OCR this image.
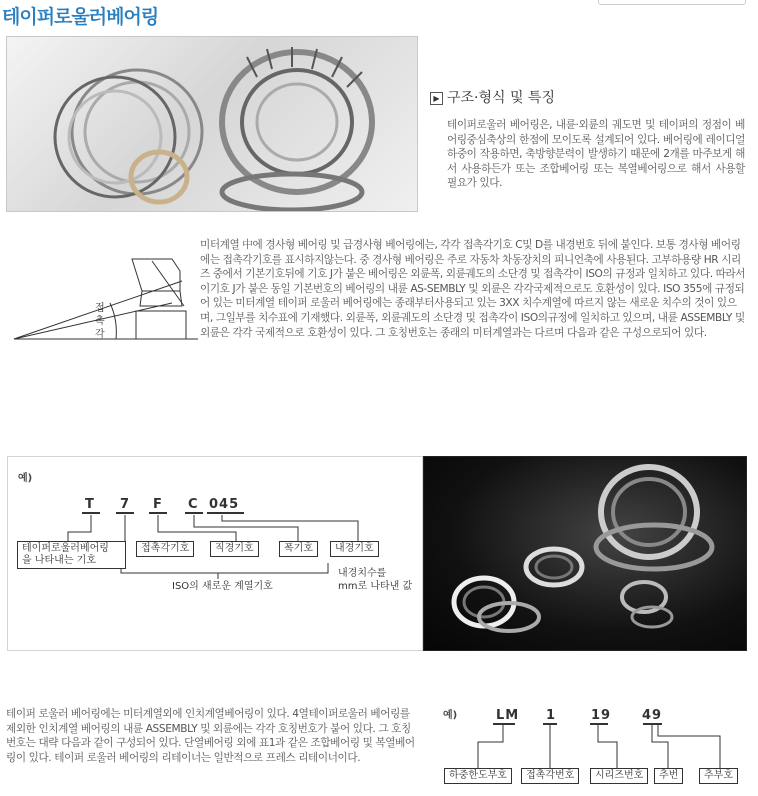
테이퍼로울러베어링
▶ 구조·형식 및 특징
테이퍼로울러 베어링은, 내륜·외륜의 궤도면 및 테이퍼의 정점이 베어링중심축상의 한점에 모이도록 설계되어 있다. 베어링에 레이디얼하중이 작용하면, 축방향분력이 발생하기 때문에 2개를 마주보게 해서 사용하든가 또는 조합베어링 또는 복열베어링으로 해서 사용할 필요가 있다.
접
촉
각
미터계열 中에 경사형 베어링 및 급경사형 베어링에는, 각각 접촉각기호 C및 D를 내경번호 뒤에 붙인다. 보통 경사형 베어링에는 접촉각기호를 표시하지않는다. 중 경사형 베어링은 주로 자동차 차동장치의 피니언축에 사용된다. 고부하용량 HR 시리즈 중에서 기본기호뒤에 기호 J가 붙은 베어링은 외륜폭, 외륜궤도의 소단경 및 접촉각이 ISO의 규정과 일치하고 있다. 따라서 이기호 J가 붙은 동일 기본번호의 베어링의 내륜 AS-SEMBLY 및 외륜은 각각국제적으로도 호환성이 있다. ISO 355에 규정되어 있는 미터계열 테이퍼 로울러 베어링에는 종래부터사용되고 있는 3XX 치수계열에 따르지 않는 새로운 치수의 것이 있으며, 그일부를 치수표에 기재했다. 외륜폭, 외륜궤도의 소단경 및 접촉각이 ISO의규정에 일치하고 있으며, 내륜 ASSEMBLY 및 외륜은 각각 국제적으로 호환성이 있다. 그 호칭번호는 종래의 미터계열과는 다르며 다음과 같은 구성으로되어 있다.
예)
T 7 F C 045
테이퍼로울러베어링
을 나타내는 기호
접촉각기호	직경기호	폭기호	내경기호
ISO의 새로운 계열기호
내경치수를
mm로 나타낸 값
테이퍼 로울러 베어링에는 미터계열외에 인치계열베어링이 있다. 4열테이퍼로울러 베어링를 제외한 인치계열 베어링의 내륜 ASSEMBLY 및 외륜에는 각각 호칭번호가 붙어 있다. 그 호칭번호는 대략 다음과 같이 구성되어 있다. 단열베어링 외에 표1과 같은 조합베어링 및 복열베어링이 있다. 테이퍼 로울러 베어링의 리테이너는 일반적으로 프레스 리테이너이다.
예)	LM 1	19 49
하중한도부호	접촉각번호	시리즈번호	추번	추부호
